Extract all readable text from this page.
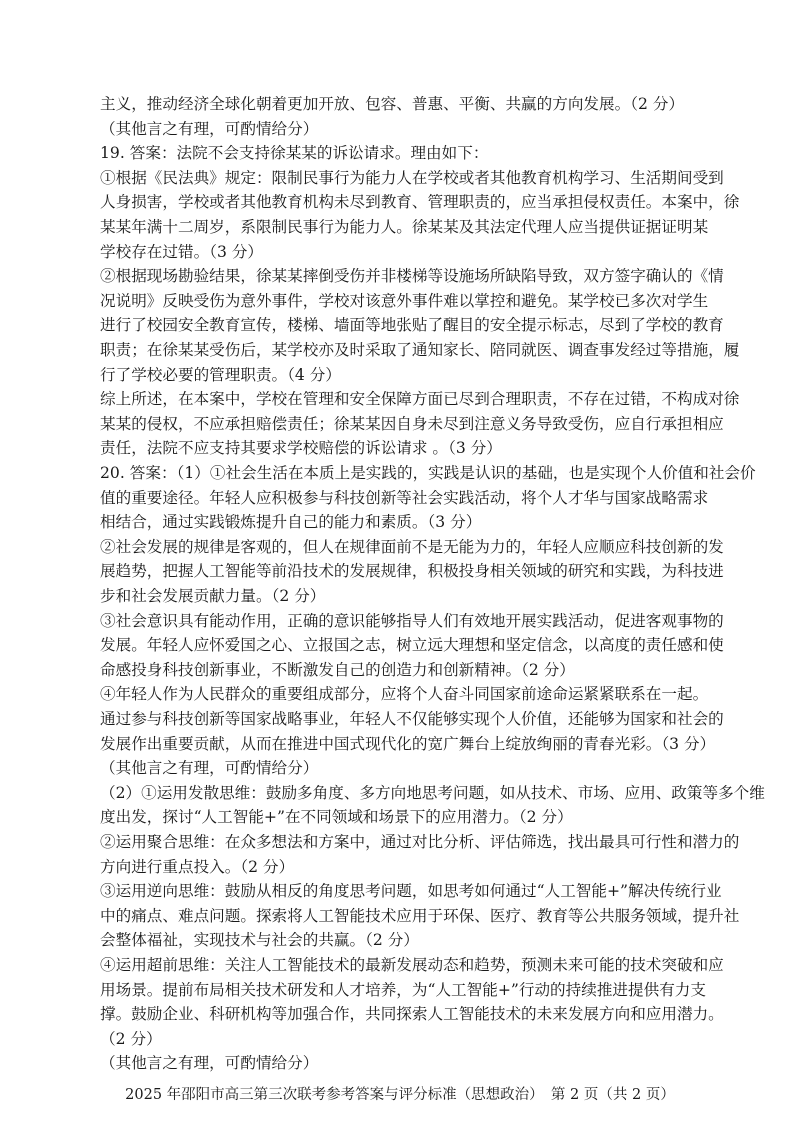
主义，推动经济全球化朝着更加开放、包容、普惠、平衡、共赢的方向发展。（2 分）
（其他言之有理，可酌情给分）
19. 答案：法院不会支持徐某某的诉讼请求。理由如下：
①根据《民法典》规定：限制民事行为能力人在学校或者其他教育机构学习、生活期间受到
人身损害，学校或者其他教育机构未尽到教育、管理职责的，应当承担侵权责任。本案中，徐
某某年满十二周岁，系限制民事行为能力人。徐某某及其法定代理人应当提供证据证明某
学校存在过错。（3 分）
②根据现场勘验结果，徐某某摔倒受伤并非楼梯等设施场所缺陷导致，双方签字确认的《情
况说明》反映受伤为意外事件，学校对该意外事件难以掌控和避免。某学校已多次对学生
进行了校园安全教育宣传，楼梯、墙面等地张贴了醒目的安全提示标志，尽到了学校的教育
职责；在徐某某受伤后，某学校亦及时采取了通知家长、陪同就医、调查事发经过等措施，履
行了学校必要的管理职责。（4 分）
综上所述，在本案中，学校在管理和安全保障方面已尽到合理职责，不存在过错，不构成对徐
某某的侵权，不应承担赔偿责任；徐某某因自身未尽到注意义务导致受伤，应自行承担相应
责任，法院不应支持其要求学校赔偿的诉讼请求 。（3 分）
20. 答案：（1）①社会生活在本质上是实践的，实践是认识的基础，也是实现个人价值和社会价
值的重要途径。年轻人应积极参与科技创新等社会实践活动，将个人才华与国家战略需求
相结合，通过实践锻炼提升自己的能力和素质。（3 分）
②社会发展的规律是客观的，但人在规律面前不是无能为力的，年轻人应顺应科技创新的发
展趋势，把握人工智能等前沿技术的发展规律，积极投身相关领域的研究和实践，为科技进
步和社会发展贡献力量。（2 分）
③社会意识具有能动作用，正确的意识能够指导人们有效地开展实践活动，促进客观事物的
发展。年轻人应怀爱国之心、立报国之志，树立远大理想和坚定信念，以高度的责任感和使
命感投身科技创新事业，不断激发自己的创造力和创新精神。（2 分）
④年轻人作为人民群众的重要组成部分，应将个人奋斗同国家前途命运紧紧联系在一起。
通过参与科技创新等国家战略事业，年轻人不仅能够实现个人价值，还能够为国家和社会的
发展作出重要贡献，从而在推进中国式现代化的宽广舞台上绽放绚丽的青春光彩。（3 分）
（其他言之有理，可酌情给分）
（2）①运用发散思维：鼓励多角度、多方向地思考问题，如从技术、市场、应用、政策等多个维
度出发，探讨“人工智能+”在不同领域和场景下的应用潜力。（2 分）
②运用聚合思维：在众多想法和方案中，通过对比分析、评估筛选，找出最具可行性和潜力的
方向进行重点投入。（2 分）
③运用逆向思维：鼓励从相反的角度思考问题，如思考如何通过“人工智能+”解决传统行业
中的痛点、难点问题。探索将人工智能技术应用于环保、医疗、教育等公共服务领域，提升社
会整体福祉，实现技术与社会的共赢。（2 分）
④运用超前思维：关注人工智能技术的最新发展动态和趋势，预测未来可能的技术突破和应
用场景。提前布局相关技术研发和人才培养，为“人工智能+”行动的持续推进提供有力支
撑。鼓励企业、科研机构等加强合作，共同探索人工智能技术的未来发展方向和应用潜力。
（2 分）
（其他言之有理，可酌情给分）
2025 年邵阳市高三第三次联考参考答案与评分标准（思想政治）　第 2 页（共 2 页）
